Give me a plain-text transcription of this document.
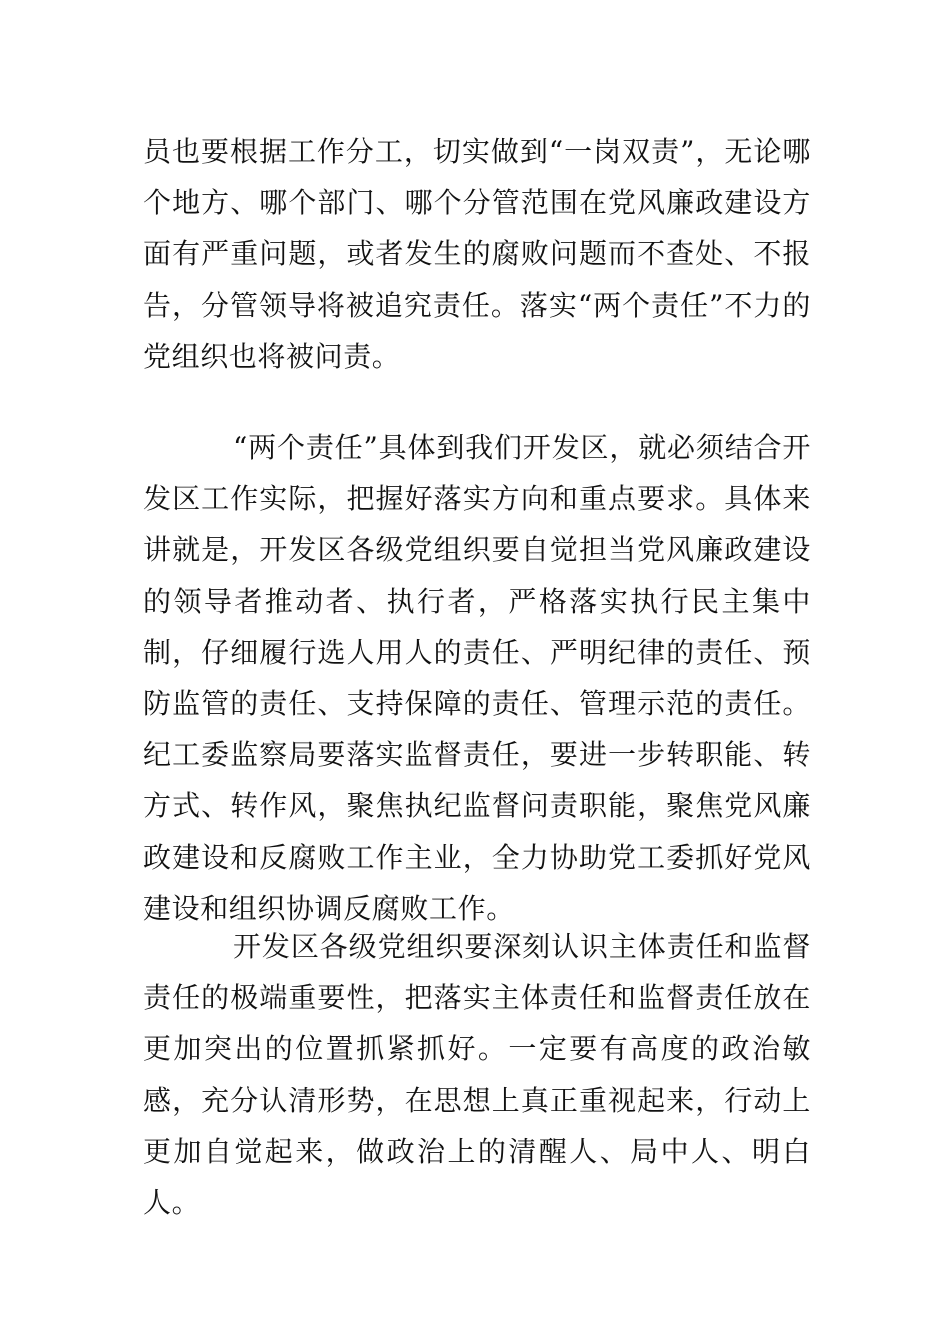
员也要根据工作分工，切实做到“一岗双责”，无论哪个地方、哪个部门、哪个分管范围在党风廉政建设方面有严重问题，或者发生的腐败问题而不查处、不报告，分管领导将被追究责任。落实“两个责任”不力的党组织也将被问责。

“两个责任”具体到我们开发区，就必须结合开发区工作实际，把握好落实方向和重点要求。具体来讲就是，开发区各级党组织要自觉担当党风廉政建设的领导者推动者、执行者，严格落实执行民主集中制，仔细履行选人用人的责任、严明纪律的责任、预防监管的责任、支持保障的责任、管理示范的责任。纪工委监察局要落实监督责任，要进一步转职能、转方式、转作风，聚焦执纪监督问责职能，聚焦党风廉政建设和反腐败工作主业，全力协助党工委抓好党风建设和组织协调反腐败工作。

开发区各级党组织要深刻认识主体责任和监督责任的极端重要性，把落实主体责任和监督责任放在更加突出的位置抓紧抓好。一定要有高度的政治敏感，充分认清形势，在思想上真正重视起来，行动上更加自觉起来，做政治上的清醒人、局中人、明白人。
